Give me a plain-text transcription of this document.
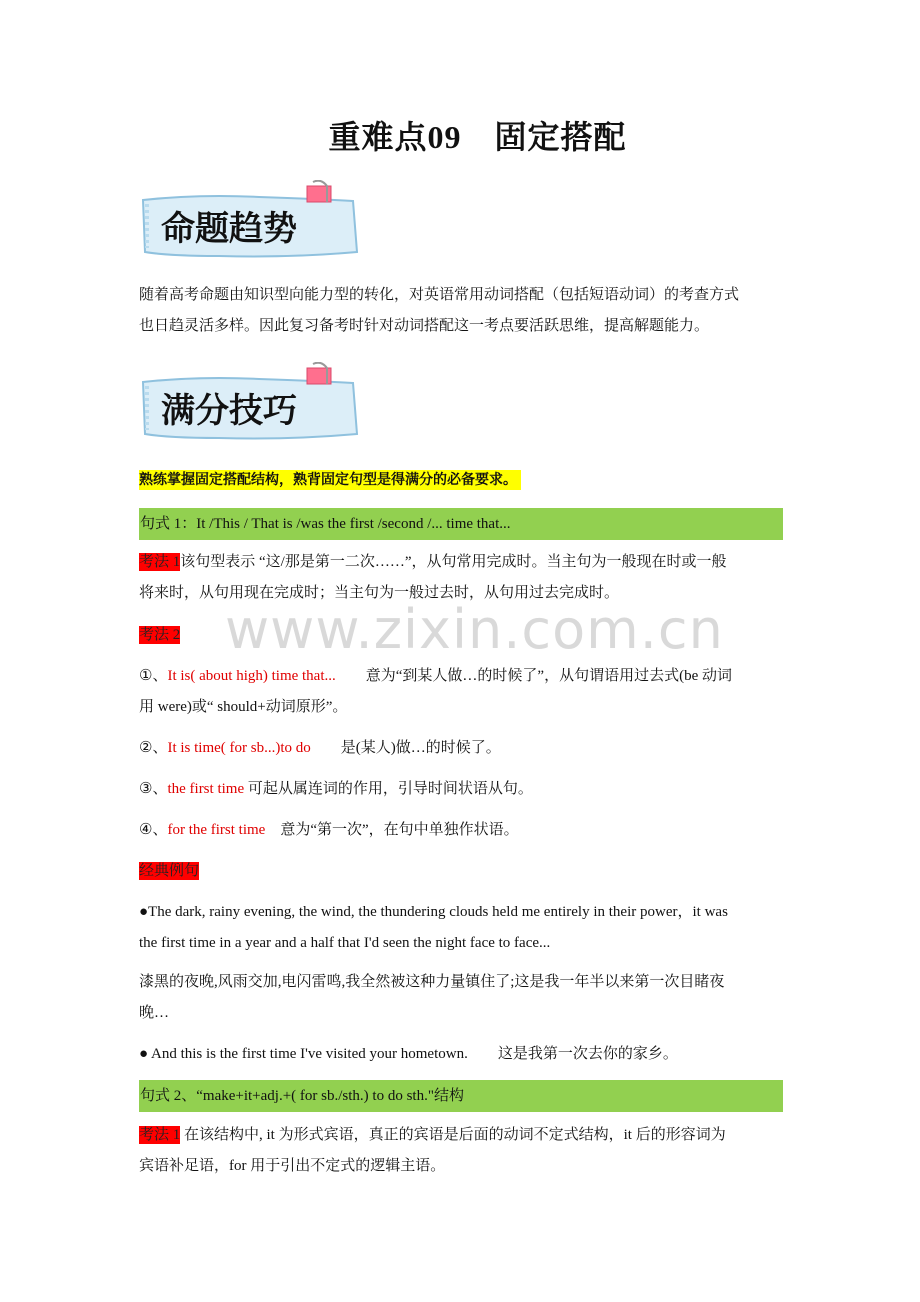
重难点09　固定搭配
命题趋势

随着高考命题由知识型向能力型的转化，对英语常用动词搭配（包括短语动词）的考查方式

也日趋灵活多样。因此复习备考时针对动词搭配这一考点要活跃思维，提高解题能力。

满分技巧

熟练掌握固定搭配结构，熟背固定句型是得满分的必备要求。

句式 1：It /This / That is /was the first /second /... time that...

考法 1该句型表示 “这/那是第一二次……”，从句常用完成时。当主句为一般现在时或一般

将来时，从句用现在完成时；当主句为一般过去时，从句用过去完成时。

考法 2

①、It is( about high) time that...　　意为“到某人做…的时候了”，从句谓语用过去式(be 动词

用 were)或“ should+动词原形”。

②、It is time( for sb...)to do　　是(某人)做…的时候了。

③、the first time 可起从属连词的作用，引导时间状语从句。

④、for the first time　意为“第一次”，在句中单独作状语。

经典例句

●The dark, rainy evening, the wind, the thundering clouds held me entirely in their power，it was

the first time in a year and a half that I'd seen the night face to face...

漆黑的夜晚,风雨交加,电闪雷鸣,我全然被这种力量镇住了;这是我一年半以来第一次目睹夜

晚…

● And this is the first time I've visited your hometown.　　这是我第一次去你的家乡。

句式 2、“make+it+adj.+( for sb./sth.) to do sth."结构

考法 1 在该结构中, it 为形式宾语，真正的宾语是后面的动词不定式结构，it 后的形容词为

宾语补足语，for 用于引出不定式的逻辑主语。

www.zixin.com.cn
